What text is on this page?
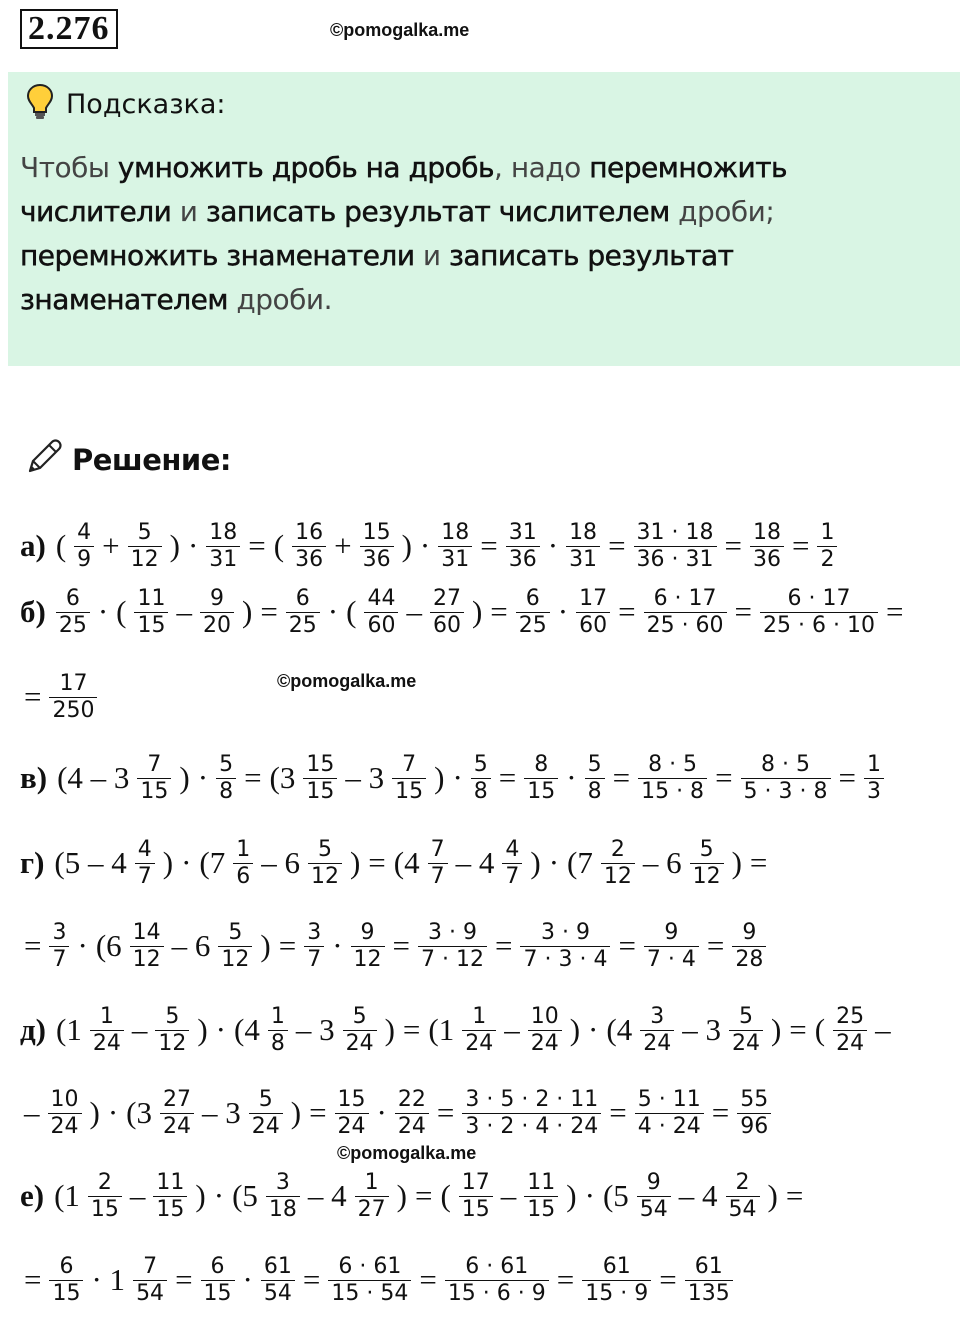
2.276	©pomogalka.me
Подсказка:
Чтобы умножить дробь на дробь, надо перемножить числители и записать результат числителем дроби; перемножить знаменатели и записать результат знаменателем дроби.
©pomogalka.me
©pomogalka.me
Решение:
а) ( $\frac{4}{9} + \frac{5}{12}$ ) · $\frac{18}{31}$ = ( $\frac{16}{36} + \frac{15}{36}$ ) · $\frac{18}{31} = \frac{31}{36} \cdot \frac{18}{31} = \frac{31 \cdot 18}{36 \cdot 31} = \frac{18}{36} = \frac{1}{2}$
$б) \frac{6}{25}$ · ( $\frac{11}{15} - \frac{9}{20}$ ) = $\frac{6}{25}$ · ( $\frac{44}{60} - \frac{27}{60}$ ) = $\frac{6}{25} \cdot \frac{17}{60} = \frac{6 \cdot 17}{25 \cdot 60} = \frac{6 \cdot 17}{25 \cdot 6 \cdot 10}$ =
= $\frac{17}{250}$
в) ($4 - 3 \frac{7}{15}$ ) · $\frac{5}{8} = (3 \frac{15}{15} - 3 \frac{7}{15}$ ) · $\frac{5}{8} = \frac{8}{15} \cdot \frac{5}{8} = \frac{8 \cdot 5}{15 \cdot 8} = \frac{8 \cdot 5}{5 \cdot 3 \cdot 8} = \frac{1}{3}$
г) ($5 - 4 \frac{4}{7}$ ) · ($7 \frac{1}{6} - 6 \frac{5}{12}$ ) = ($4 \frac{7}{7} - 4 \frac{4}{7}$ ) · ($7 \frac{2}{12} - 6 \frac{5}{12}$ ) =
= $\frac{3}{7} \cdot (6 \frac{14}{12} - 6 \frac{5}{12}$ ) = $\frac{3}{7} \cdot \frac{9}{12} = \frac{3 \cdot 9}{7 \cdot 12} = \frac{3 \cdot 9}{7 \cdot 3 \cdot 4} = \frac{9}{7 \cdot 4} = \frac{9}{28}$
д) ($1 \frac{1}{24} - \frac{5}{12}$ ) · ($4 \frac{1}{8} - 3 \frac{5}{24}$ ) = ($1 \frac{1}{24} - \frac{10}{24}$ ) · ($4 \frac{3}{24} - 3 \frac{5}{24}$ ) = ( $\frac{25}{24}$ –
– $\frac{10}{24}$ ) · ($3 \frac{27}{24} - 3 \frac{5}{24}$ ) = $\frac{15}{24} \cdot \frac{22}{24} = \frac{3 \cdot 5 \cdot 2 \cdot 11}{3 \cdot 2 \cdot 4 \cdot 24} = \frac{5 \cdot 11}{4 \cdot 24} = \frac{55}{96}$
е) ($1 \frac{2}{15} - \frac{11}{15}$ ) · ($5 \frac{3}{18} - 4 \frac{1}{27}$ ) = ( $\frac{17}{15} - \frac{11}{15}$ ) · ($5 \frac{9}{54} - 4 \frac{2}{54}$ ) =
= $\frac{6}{15} \cdot 1 \frac{7}{54} = \frac{6}{15} \cdot \frac{61}{54} = \frac{6 \cdot 61}{15 \cdot 54} = \frac{6 \cdot 61}{15 \cdot 6 \cdot 9} = \frac{61}{15 \cdot 9} = \frac{61}{135}$
